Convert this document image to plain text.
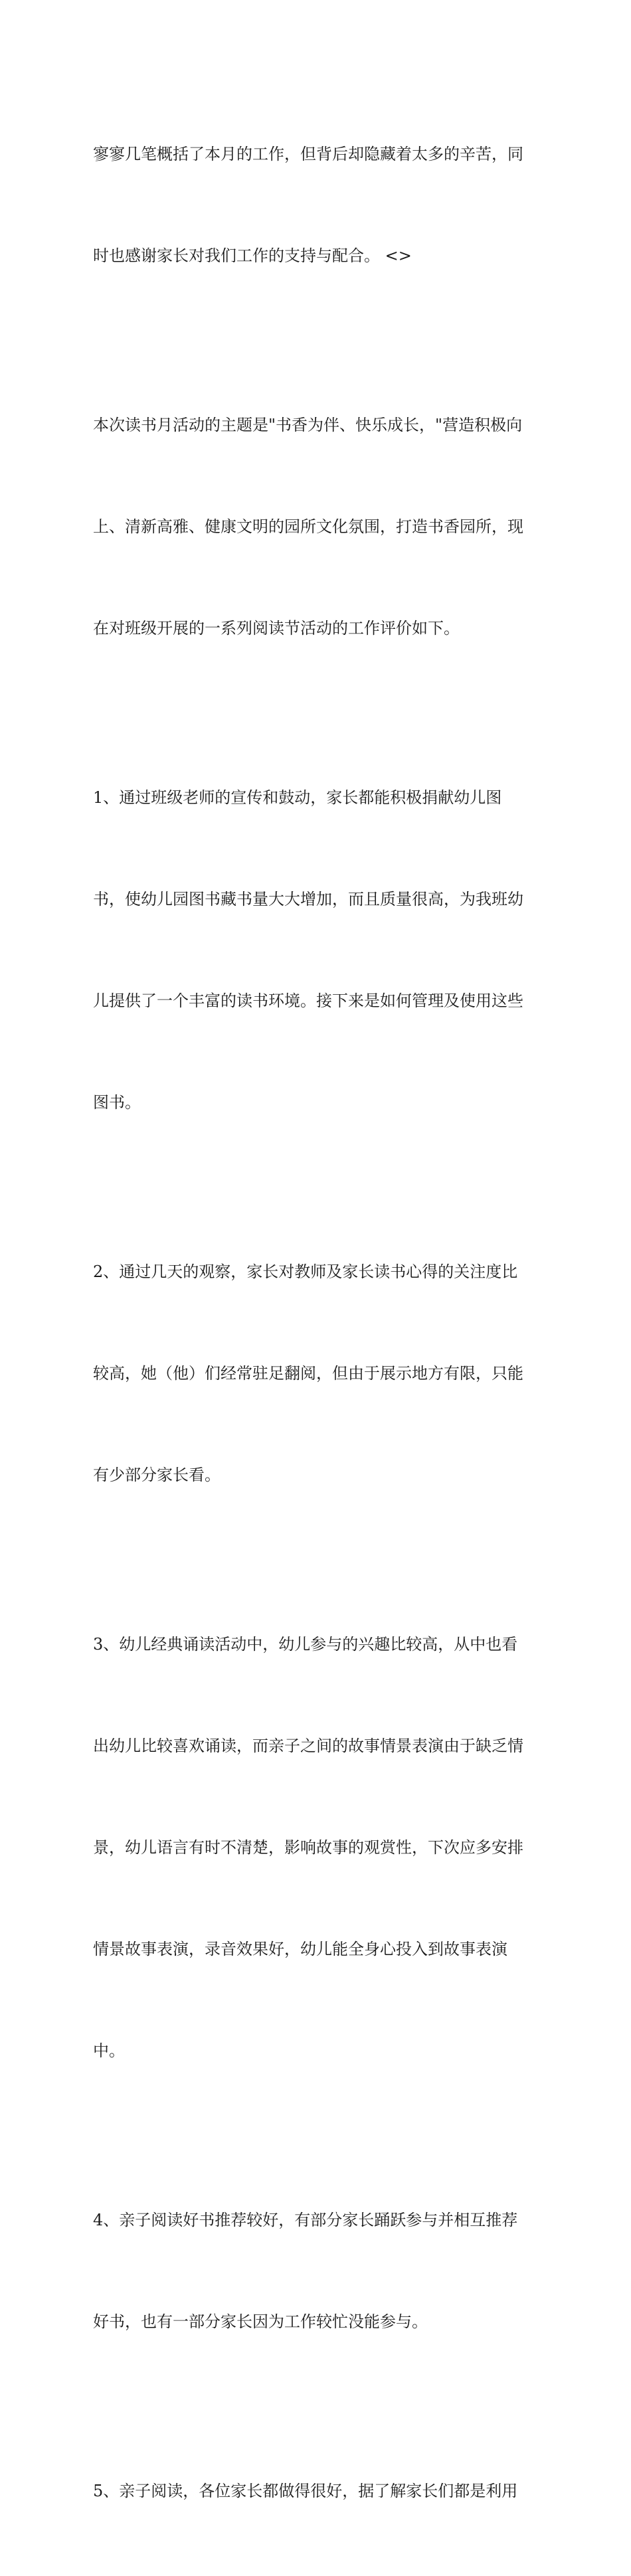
寥寥几笔概括了本月的工作，但背后却隐藏着太多的辛苦，同

时也感谢家长对我们工作的支持与配合。 <>

本次读书月活动的主题是"书香为伴、快乐成长，"营造积极向

上、清新高雅、健康文明的园所文化氛围，打造书香园所，现

在对班级开展的一系列阅读节活动的工作评价如下。

1、通过班级老师的宣传和鼓动，家长都能积极捐献幼儿图

书，使幼儿园图书藏书量大大增加，而且质量很高，为我班幼

儿提供了一个丰富的读书环境。接下来是如何管理及使用这些

图书。

2、通过几天的观察，家长对教师及家长读书心得的关注度比

较高，她（他）们经常驻足翻阅，但由于展示地方有限，只能

有少部分家长看。

3、幼儿经典诵读活动中，幼儿参与的兴趣比较高，从中也看

出幼儿比较喜欢诵读，而亲子之间的故事情景表演由于缺乏情

景，幼儿语言有时不清楚，影响故事的观赏性，下次应多安排

情景故事表演，录音效果好，幼儿能全身心投入到故事表演

中。

4、亲子阅读好书推荐较好，有部分家长踊跃参与并相互推荐

好书，也有一部分家长因为工作较忙没能参与。

5、亲子阅读，各位家长都做得很好，据了解家长们都是利用
